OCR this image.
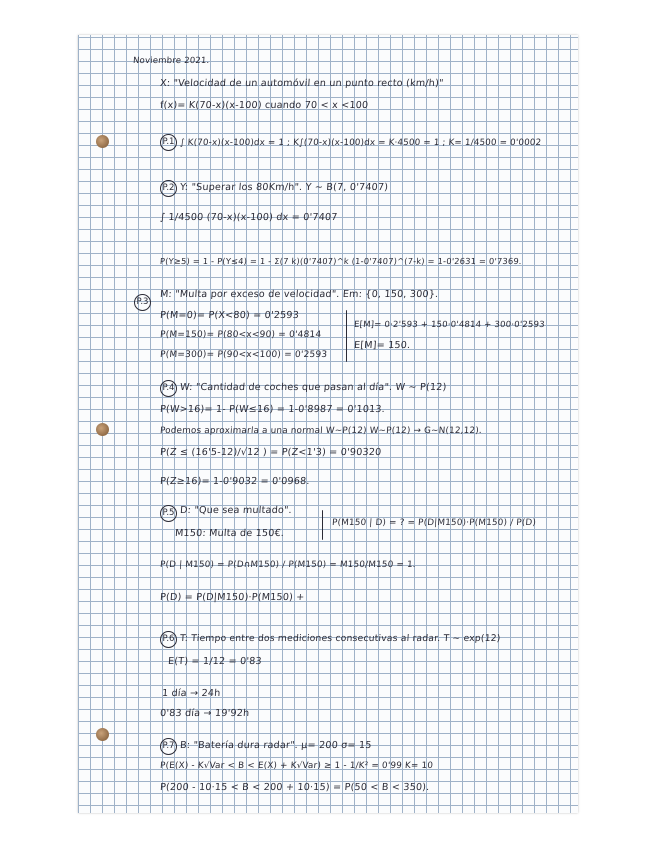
Noviembre 2021.
X: "Velocidad de un automóvil en un punto recto (km/h)"
f(x)= K(70-x)(x-100) cuando 70 < x <100
P.1 ∫ K(70-x)(x-100)dx = 1 ; K∫(70-x)(x-100)dx = K·4500 = 1 ; K= 1/4500 = 0'0002
P.2 Y: "Superar los 80Km/h". Y ~ B(7, 0'7407)
∫ 1/4500 (70-x)(x-100) dx = 0'7407
P(Y≥5) = 1 - P(Y≤4) = 1 - Σ(7 k)(0'7407)^k (1-0'7407)^(7-k) = 1-0'2631 = 0'7369.
P.3
M: "Multa por exceso de velocidad". Em: {0, 150, 300}.
P(M=0)= P(X<80) = 0'2593
P(M=150)= P(80<x<90) = 0'4814
P(M=300)= P(90<x<100) = 0'2593
E[M]= 0·2'593 + 150·0'4814 + 300·0'2593
E[M]= 150.
P.4 W: "Cantidad de coches que pasan al día". W ~ P(12)
P(W>16)= 1- P(W≤16) = 1-0'8987 = 0'1013.
Podemos aproximarla a una normal W~P(12) W~P(12) → G~N(12,12).
P(Z ≤ (16'5-12)/√12 ) = P(Z<1'3) = 0'90320
P(Z≥16)= 1-0'9032 = 0'0968.
P.5 D: "Que sea multado".
M150: Multa de 150€.
P(M150 | D) = ? = P(D|M150)·P(M150) / P(D)
P(D | M150) = P(D∩M150) / P(M150) = M150/M150 = 1.
P(D) = P(D|M150)·P(M150) +
P.6 T: Tiempo entre dos mediciones consecutivas al radar. T ~ exp(12)
E(T) = 1/12 = 0'83
1 día → 24h
0'83 día → 19'92h
P.7 B: "Batería dura radar". μ= 200 σ= 15
P(E(X) - K√Var < B < E(X) + K√Var) ≥ 1 - 1/K² = 0'99 K= 10
P(200 - 10·15 < B < 200 + 10·15) = P(50 < B < 350).
